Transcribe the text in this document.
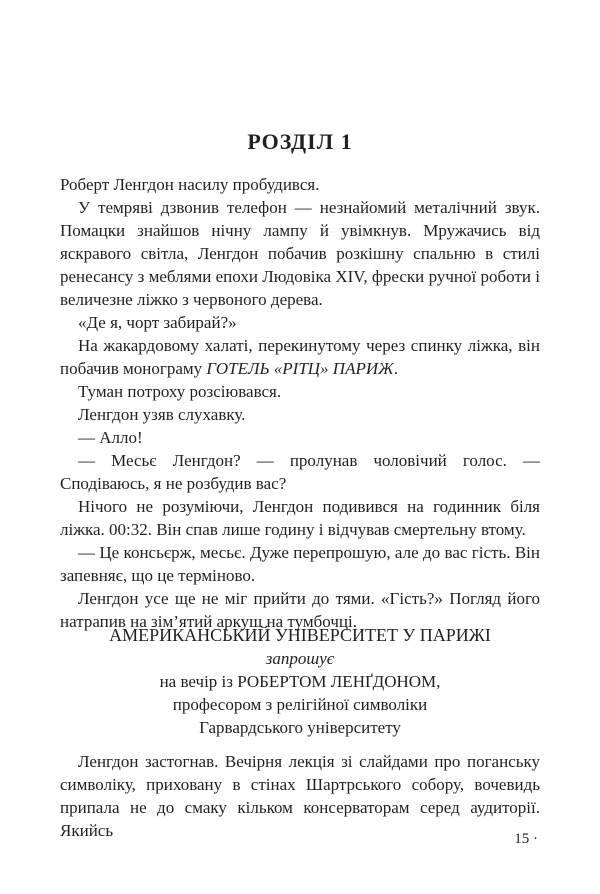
РОЗДІЛ 1

Роберт Ленгдон насилу пробудився.

У темряві дзвонив телефон — незнайомий металічний звук. Помацки знайшов нічну лампу й увімкнув. Мружачись від яскравого світла, Ленгдон побачив розкішну спальню в стилі ренесансу з меблями епохи Людовіка XIV, фрески ручної роботи і величезне ліжко з червоного дерева.

«Де я, чорт забирай?»

На жакардовому халаті, перекинутому через спинку ліжка, він побачив монограму ГОТЕЛЬ «РІТЦ» ПАРИЖ.

Туман потроху розсіювався.

Ленгдон узяв слухавку.

— Алло!

— Месьє Ленгдон? — пролунав чоловічий голос. — Сподіваюсь, я не розбудив вас?

Нічого не розуміючи, Ленгдон подивився на годинник біля ліжка. 00:32. Він спав лише годину і відчував смертельну втому.

— Це консьєрж, месьє. Дуже перепрошую, але до вас гість. Він запевняє, що це терміново.

Ленгдон усе ще не міг прийти до тями. «Гість?» Погляд його натрапив на зім’ятий аркуш на тумбочці.

АМЕРИКАНСЬКИЙ УНІВЕРСИТЕТ У ПАРИЖІ
запрошує
на вечір із РОБЕРТОМ ЛЕНҐДОНОМ,
професором з релігійної символіки
Гарвардського університету

Ленгдон застогнав. Вечірня лекція зі слайдами про поганську символіку, приховану в стінах Шартрського собору, вочевидь припала не до смаку кільком консерваторам серед аудиторії. Якийсь	15 ·
